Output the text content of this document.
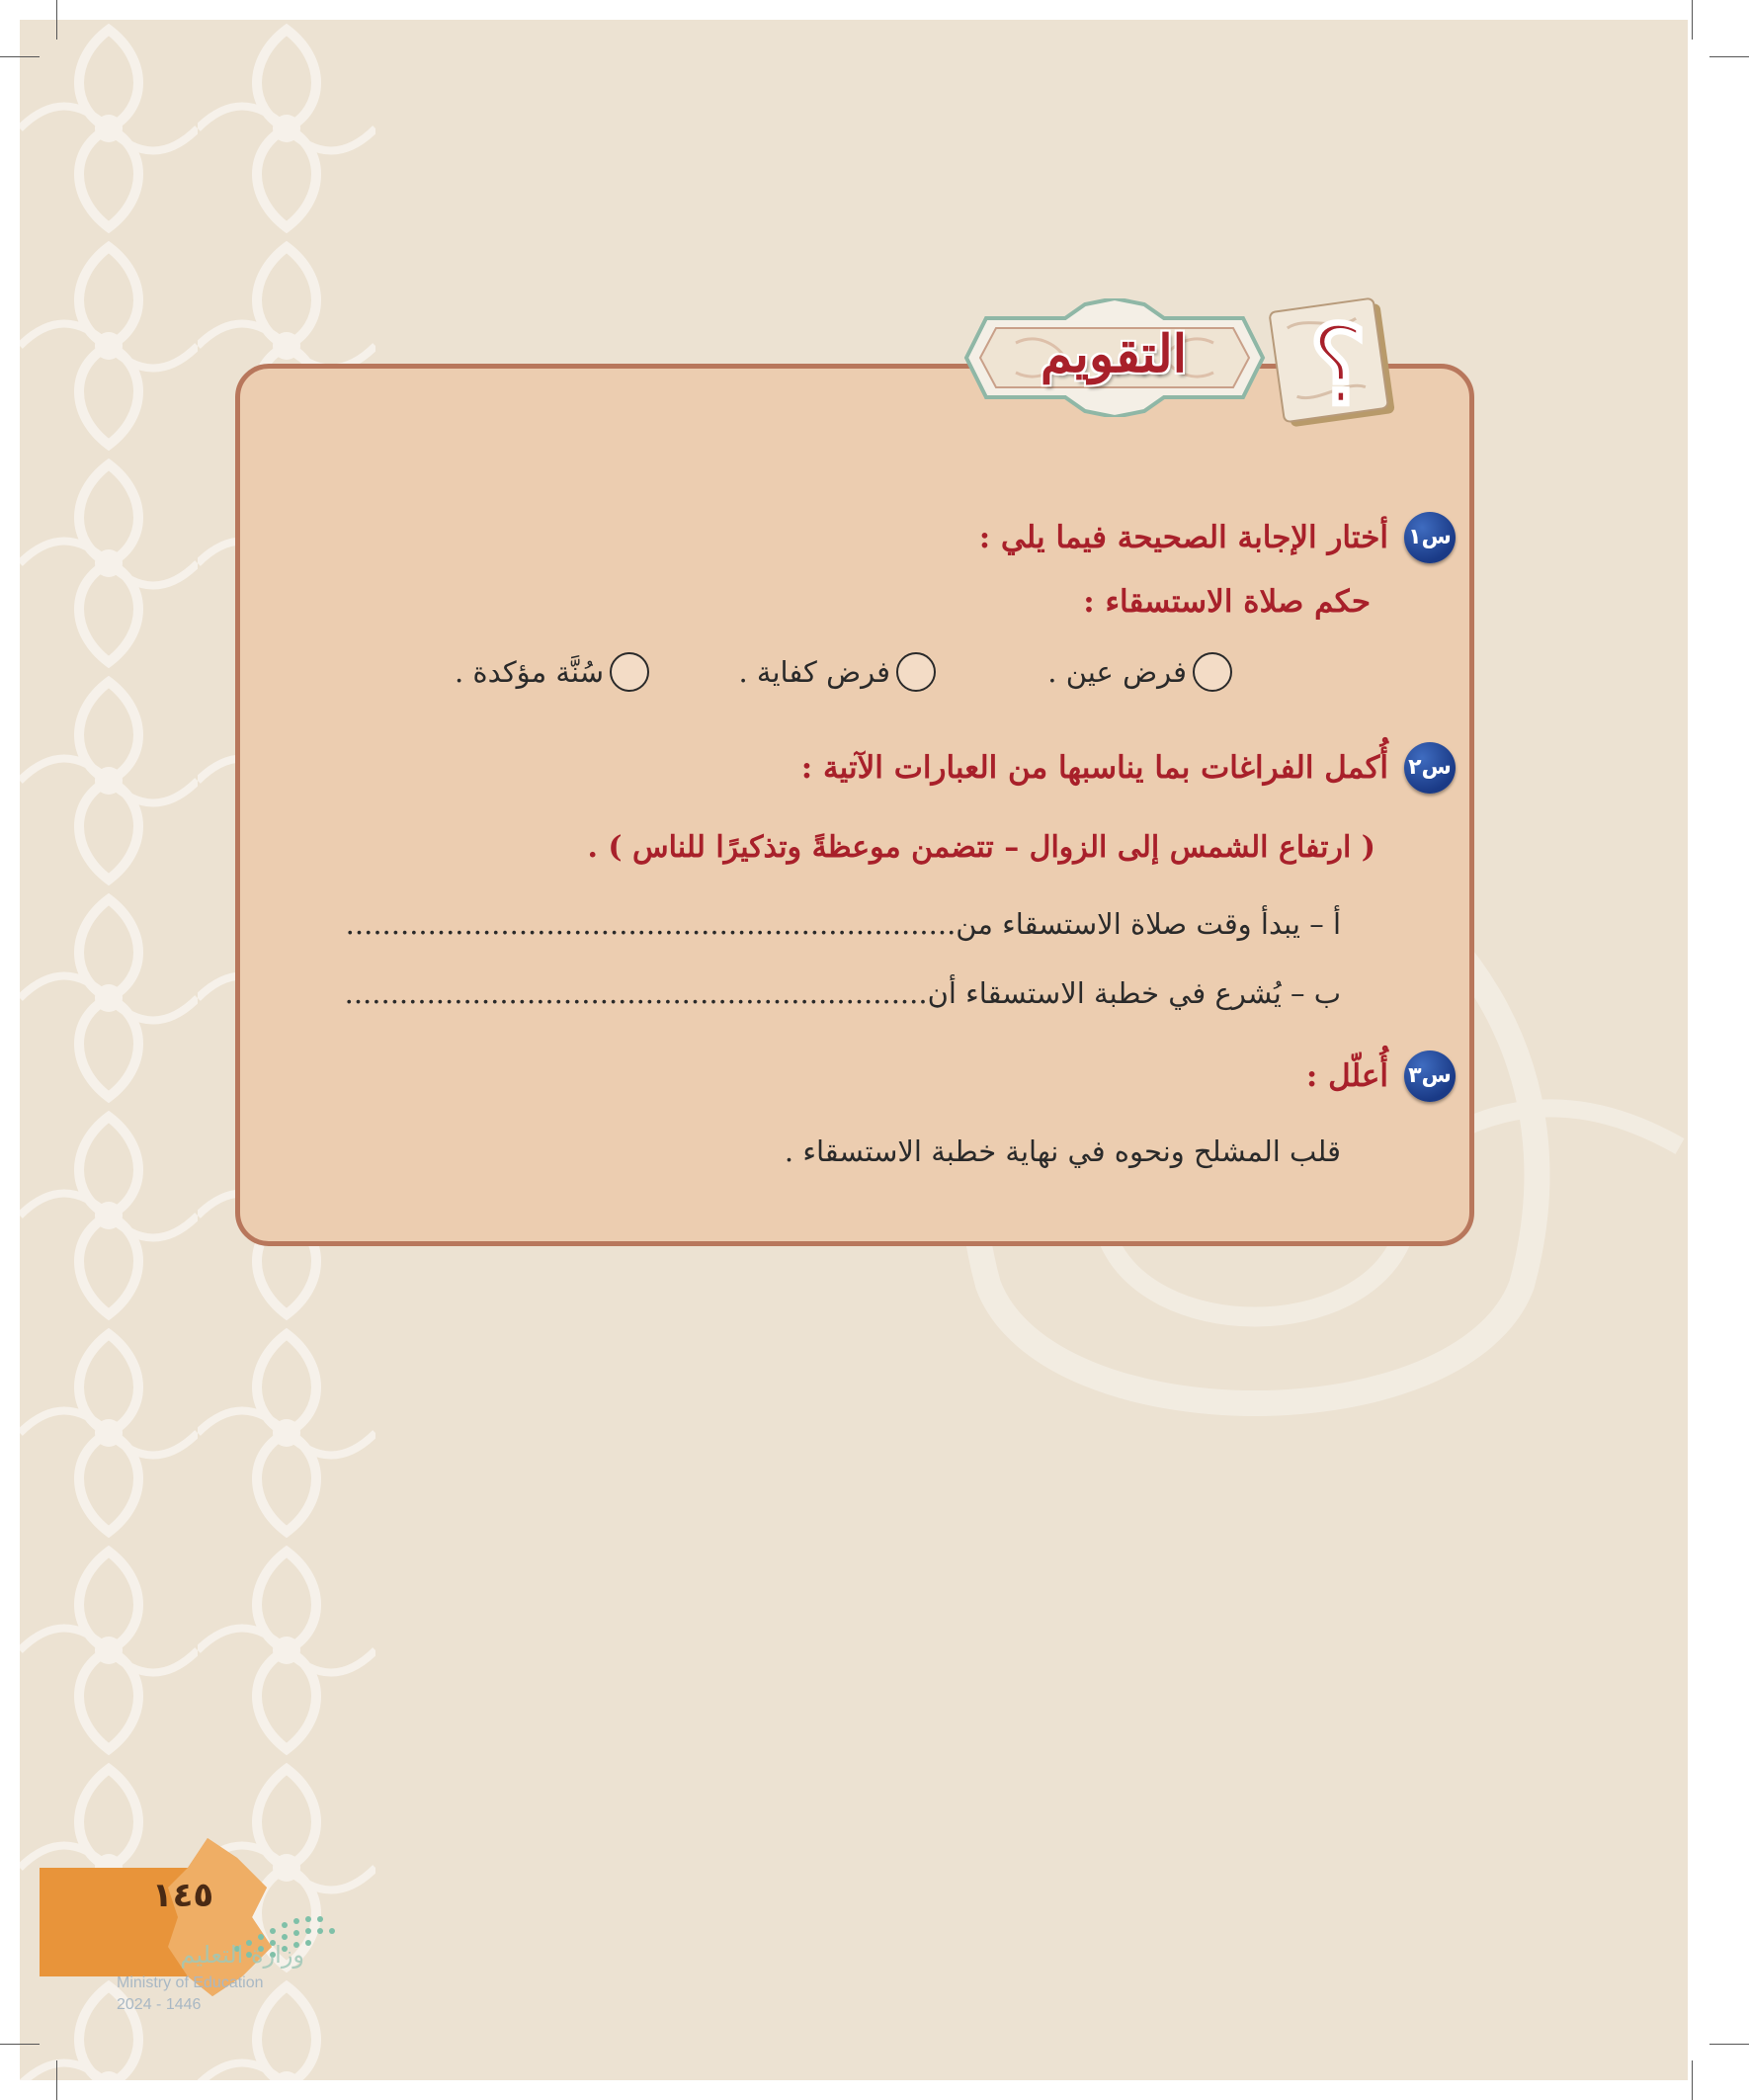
١٤٥
وزارة التعليم
Ministry of Education
2024 - 1446
س١
أختار الإجابة الصحيحة فيما يلي :
حكم صلاة الاستسقاء :
فرض عين .
فرض كفاية .
سُنَّة مؤكدة .
س٢
أُكمل الفراغات بما يناسبها من العبارات الآتية :
( ارتفاع الشمس إلى الزوال – تتضمن موعظةً وتذكيرًا للناس ) .
أ – يبدأ وقت صلاة الاستسقاء من...................................................................
ب – يُشرع في خطبة الاستسقاء أن................................................................
س٣
أُعلّل :
قلب المشلح ونحوه في نهاية خطبة الاستسقاء .
التقويم	؟
